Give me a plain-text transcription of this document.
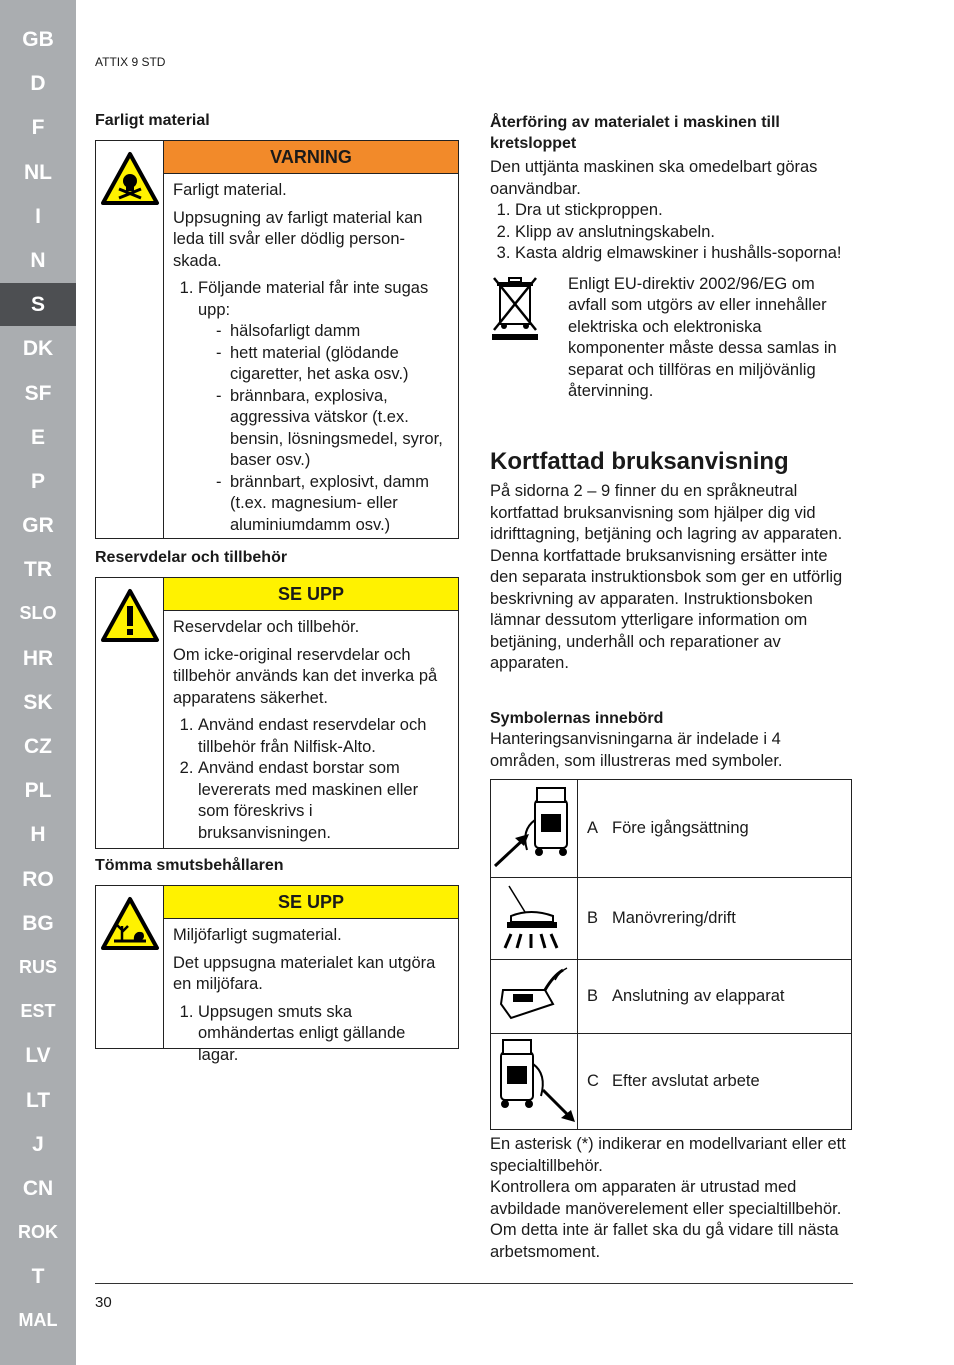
GB
D
F
NL
I
N
S
DK
SF
E
P
GR
TR
SLO
HR
SK
CZ
PL
H
RO
BG
RUS
EST
LV
LT
J
CN
ROK
T
MAL
ATTIX 9 STD
Farligt material
VARNING

Farligt material.

Uppsugning av farligt material kan leda till svår eller dödlig person-skada.

1. Följande material får inte sugas upp:
- hälsofarligt damm
- hett material (glödande cigaretter, het aska osv.)
- brännbara, explosiva, aggressiva vätskor (t.ex. bensin, lösningsmedel, syror, baser osv.)
- brännbart, explosivt, damm (t.ex. magnesium- eller aluminiumdamm osv.)
Reservdelar och tillbehör
SE UPP

Reservdelar och tillbehör.

Om icke-original reservdelar och tillbehör används kan det inverka på apparatens säkerhet.

1. Använd endast reservdelar och tillbehör från Nilfisk-Alto.
2. Använd endast borstar som levererats med maskinen eller som föreskrivs i bruksanvisningen.
Tömma smutsbehållaren
SE UPP

Miljöfarligt sugmaterial.

Det uppsugna materialet kan utgöra en miljöfara.

1. Uppsugen smuts ska omhändertas enligt gällande lagar.
Återföring av materialet i maskinen till kretsloppet

Den uttjänta maskinen ska omedelbart göras oanvändbar.

1. Dra ut stickproppen.
2. Klipp av anslutningskabeln.
3. Kasta aldrig elmawskiner i hushålls-soporna!

Enligt EU-direktiv 2002/96/EG om avfall som utgörs av eller innehåller elektriska och elektroniska komponenter måste dessa samlas in separat och tillföras en miljövänlig återvinning.

Kortfattad bruksanvisning

På sidorna 2 – 9 finner du en språkneutral kortfattad bruksanvisning som hjälper dig vid idrifttagning, betjäning och lagring av apparaten.

Denna kortfattade bruksanvisning ersätter inte den separata instruktionsbok som ger en utförlig beskrivning av apparaten. Instruktionsboken lämnar dessutom ytterligare information om betjäning, underhåll och reparationer av apparaten.

Symbolernas innebörd

Hanteringsanvisningarna är indelade i 4 områden, som illustreras med symboler.

	A Före igångsättning
	B Manövrering/drift
	B Anslutning av elapparat
	C Efter avslutat arbete

En asterisk (*) indikerar en modellvariant eller ett specialtillbehör.

Kontrollera om apparaten är utrustad med avbildade manöverelement eller specialtillbehör. Om detta inte är fallet ska du gå vidare till nästa arbetsmoment.

30
